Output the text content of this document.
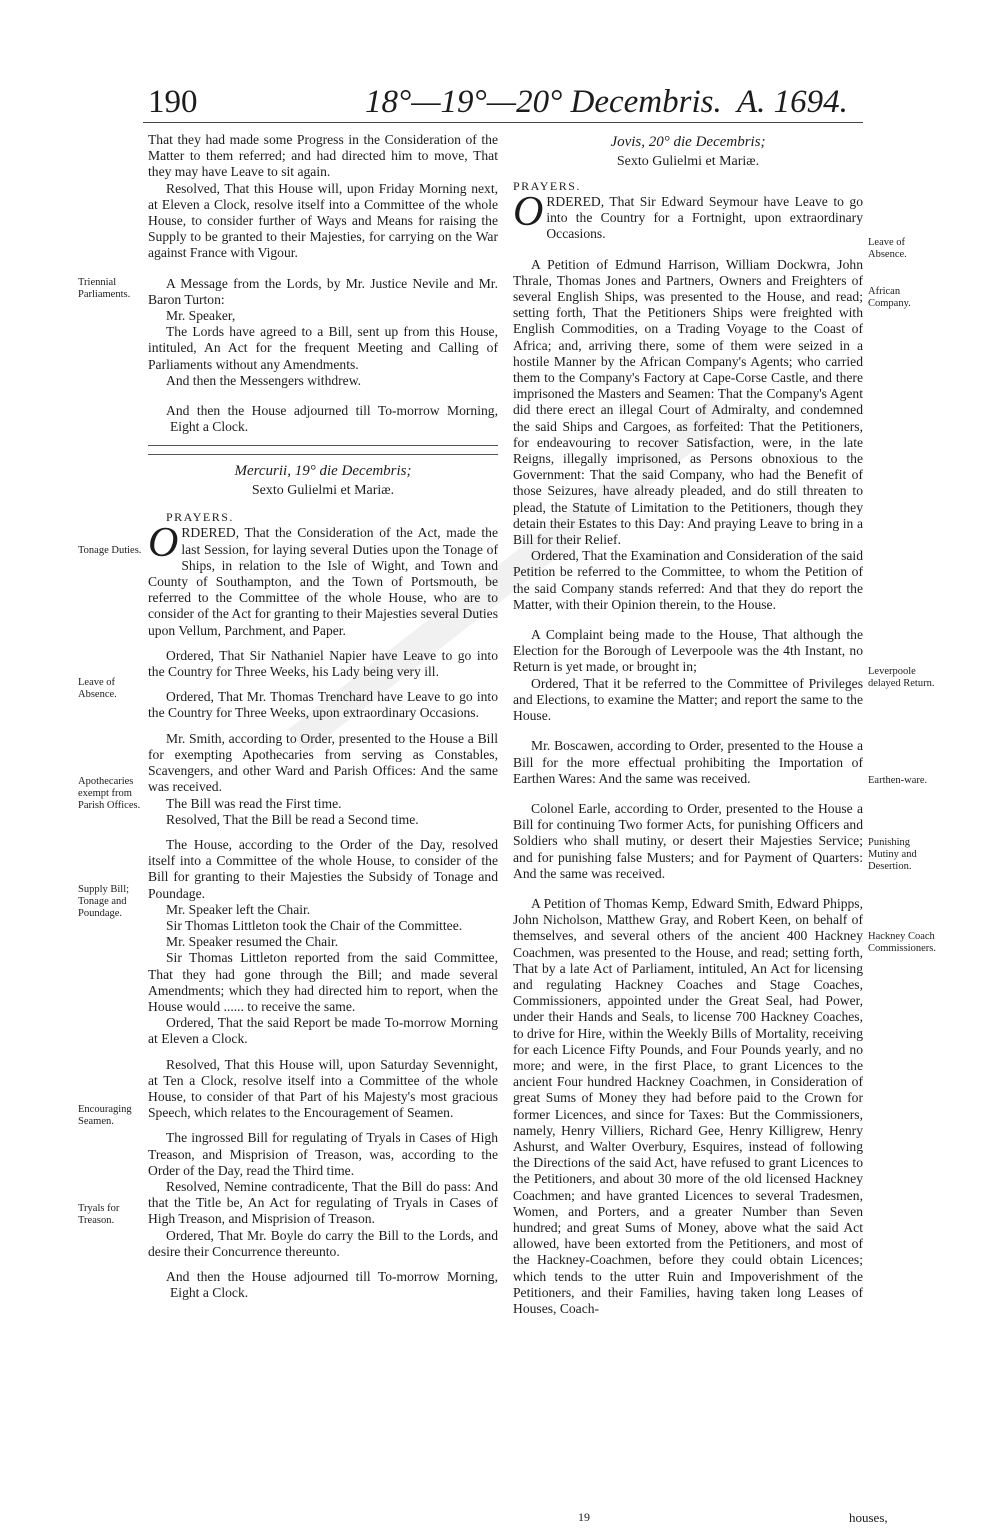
190	18°—19°—20° Decembris. A. 1694.

That they had made some Progress in the Consideration of the Matter to them referred; and had directed him to move, That they may have Leave to sit again.

Resolved, That this House will, upon Friday Morning next, at Eleven a Clock, resolve itself into a Committee of the whole House, to consider further of Ways and Means for raising the Supply to be granted to their Majesties, for carrying on the War against France with Vigour.

A Message from the Lords, by Mr. Justice Nevile and Mr. Baron Turton:

Mr. Speaker,

The Lords have agreed to a Bill, sent up from this House, intituled, An Act for the frequent Meeting and Calling of Parliaments without any Amendments.

And then the Messengers withdrew.

And then the House adjourned till To-morrow Morning, Eight a Clock.

Mercurii, 19° die Decembris;

Sexto Gulielmi et Mariæ.

PRAYERS.

ORDERED, That the Consideration of the Act, made the last Session, for laying several Duties upon the Tonage of Ships, in relation to the Isle of Wight, and Town and County of Southampton, and the Town of Portsmouth, be referred to the Committee of the whole House, who are to consider of the Act for granting to their Majesties several Duties upon Vellum, Parchment, and Paper.

Ordered, That Sir Nathaniel Napier have Leave to go into the Country for Three Weeks, his Lady being very ill.

Ordered, That Mr. Thomas Trenchard have Leave to go into the Country for Three Weeks, upon extraordinary Occasions.

Mr. Smith, according to Order, presented to the House a Bill for exempting Apothecaries from serving as Constables, Scavengers, and other Ward and Parish Offices: And the same was received.

The Bill was read the First time.

Resolved, That the Bill be read a Second time.

The House, according to the Order of the Day, resolved itself into a Committee of the whole House, to consider of the Bill for granting to their Majesties the Subsidy of Tonage and Poundage.

Mr. Speaker left the Chair.

Sir Thomas Littleton took the Chair of the Committee.

Mr. Speaker resumed the Chair.

Sir Thomas Littleton reported from the said Committee, That they had gone through the Bill; and made several Amendments; which they had directed him to report, when the House would ...... to receive the same.

Ordered, That the said Report be made To-morrow Morning at Eleven a Clock.

Resolved, That this House will, upon Saturday Sevennight, at Ten a Clock, resolve itself into a Committee of the whole House, to consider of that Part of his Majesty's most gracious Speech, which relates to the Encouragement of Seamen.

The ingrossed Bill for regulating of Tryals in Cases of High Treason, and Misprision of Treason, was, according to the Order of the Day, read the Third time.

Resolved, Nemine contradicente, That the Bill do pass: And that the Title be, An Act for regulating of Tryals in Cases of High Treason, and Misprision of Treason.

Ordered, That Mr. Boyle do carry the Bill to the Lords, and desire their Concurrence thereunto.

And then the House adjourned till To-morrow Morning, Eight a Clock.

Jovis, 20° die Decembris;

Sexto Gulielmi et Mariæ.

PRAYERS.

ORDERED, That Sir Edward Seymour have Leave to go into the Country for a Fortnight, upon extraordinary Occasions.

A Petition of Edmund Harrison, William Dockwra, John Thrale, Thomas Jones and Partners, Owners and Freighters of several English Ships, was presented to the House, and read; setting forth, That the Petitioners Ships were freighted with English Commodities, on a Trading Voyage to the Coast of Africa; and, arriving there, some of them were seized in a hostile Manner by the African Company's Agents; who carried them to the Company's Factory at Cape-Corse Castle, and there imprisoned the Masters and Seamen: That the Company's Agent did there erect an illegal Court of Admiralty, and condemned the said Ships and Cargoes, as forfeited: That the Petitioners, for endeavouring to recover Satisfaction, were, in the late Reigns, illegally imprisoned, as Persons obnoxious to the Government: That the said Company, who had the Benefit of those Seizures, have already pleaded, and do still threaten to plead, the Statute of Limitation to the Petitioners, though they detain their Estates to this Day: And praying Leave to bring in a Bill for their Relief.

Ordered, That the Examination and Consideration of the said Petition be referred to the Committee, to whom the Petition of the said Company stands referred: And that they do report the Matter, with their Opinion therein, to the House.

A Complaint being made to the House, That although the Election for the Borough of Leverpoole was the 4th Instant, no Return is yet made, or brought in;

Ordered, That it be referred to the Committee of Privileges and Elections, to examine the Matter; and report the same to the House.

Mr. Boscawen, according to Order, presented to the House a Bill for the more effectual prohibiting the Importation of Earthen Wares: And the same was received.

Colonel Earle, according to Order, presented to the House a Bill for continuing Two former Acts, for punishing Officers and Soldiers who shall mutiny, or desert their Majesties Service; and for punishing false Musters; and for Payment of Quarters: And the same was received.

A Petition of Thomas Kemp, Edward Smith, Edward Phipps, John Nicholson, Matthew Gray, and Robert Keen, on behalf of themselves, and several others of the ancient 400 Hackney Coachmen, was presented to the House, and read; setting forth, That by a late Act of Parliament, intituled, An Act for licensing and regulating Hackney Coaches and Stage Coaches, Commissioners, appointed under the Great Seal, had Power, under their Hands and Seals, to license 700 Hackney Coaches, to drive for Hire, within the Weekly Bills of Mortality, receiving for each Licence Fifty Pounds, and Four Pounds yearly, and no more; and were, in the first Place, to grant Licences to the ancient Four hundred Hackney Coachmen, in Consideration of great Sums of Money they had before paid to the Crown for former Licences, and since for Taxes: But the Commissioners, namely, Henry Villiers, Richard Gee, Henry Killigrew, Henry Ashurst, and Walter Overbury, Esquires, instead of following the Directions of the said Act, have refused to grant Licences to the Petitioners, and about 30 more of the old licensed Hackney Coachmen; and have granted Licences to several Tradesmen, Women, and Porters, and a greater Number than Seven hundred; and great Sums of Money, above what the said Act allowed, have been extorted from the Petitioners, and most of the Hackney-Coachmen, before they could obtain Licences; which tends to the utter Ruin and Impoverishment of the Petitioners, and their Families, having taken long Leases of Houses, Coach-

Triennial Parliaments.
Tonage Duties.
Leave of Absence.
Apothecaries exempt from Parish Offices.
Supply Bill; Tonage and Poundage.
Encouraging Seamen.
Tryals for Treason.
Leave of Absence.
African Company.
Leverpoole delayed Return.
Earthen-ware.
Punishing Mutiny and Desertion.
Hackney Coach Commissioners.
19	houses,
